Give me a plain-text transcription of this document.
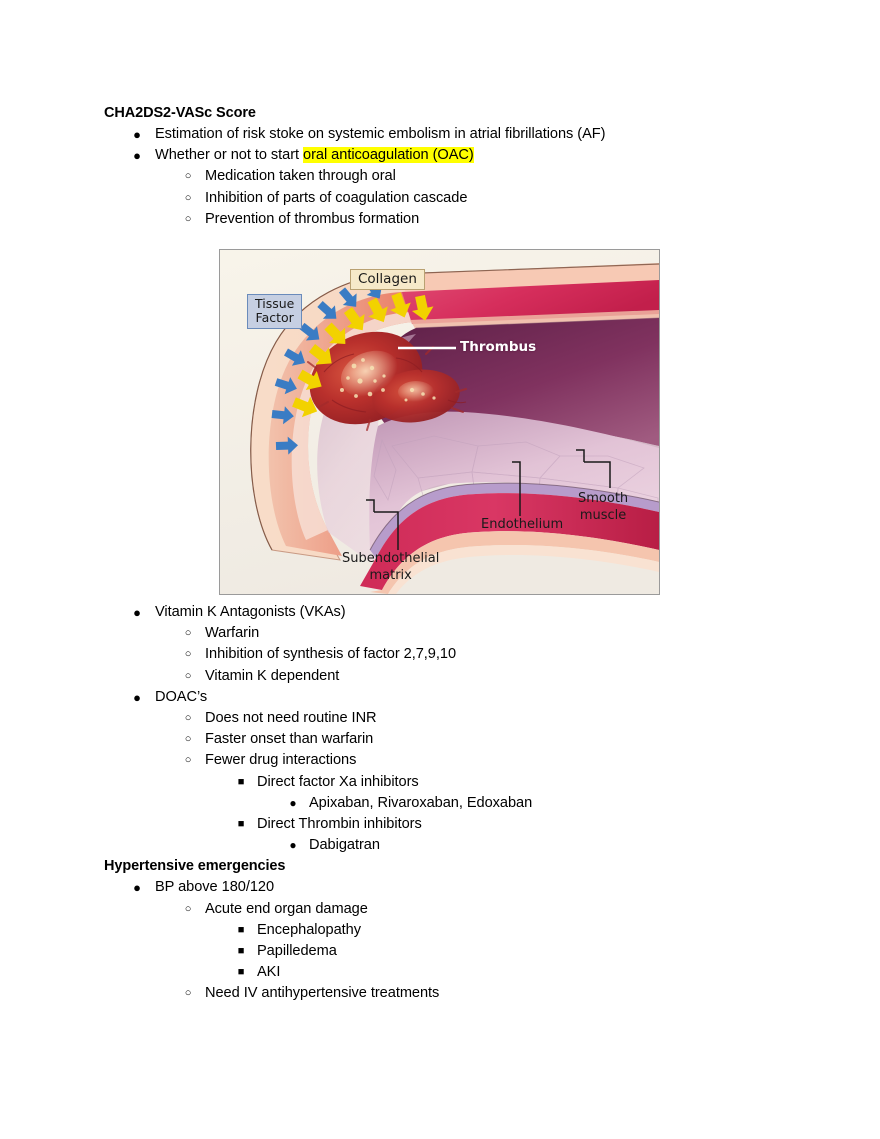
CHA2DS2-VASc Score
● Estimation of risk stoke on systemic embolism in atrial fibrillations (AF)
● Whether or not to start oral anticoagulation (OAC)
○ Medication taken through oral
○ Inhibition of parts of coagulation cascade
○ Prevention of thrombus formation
● Vitamin K Antagonists (VKAs)
○ Warfarin
○ Inhibition of synthesis of factor 2,7,9,10
○ Vitamin K dependent
● DOAC’s
○ Does not need routine INR
○ Faster onset than warfarin
○ Fewer drug interactions
■ Direct factor Xa inhibitors
● Apixaban, Rivaroxaban, Edoxaban
■ Direct Thrombin inhibitors
● Dabigatran
Hypertensive emergencies
● BP above 180/120
○ Acute end organ damage
■ Encephalopathy
■ Papilledema
■ AKI
○ Need IV antihypertensive treatments
Tissue
Factor
Collagen
Thrombus
Endothelium
Smooth
muscle
Subendothelial
matrix
